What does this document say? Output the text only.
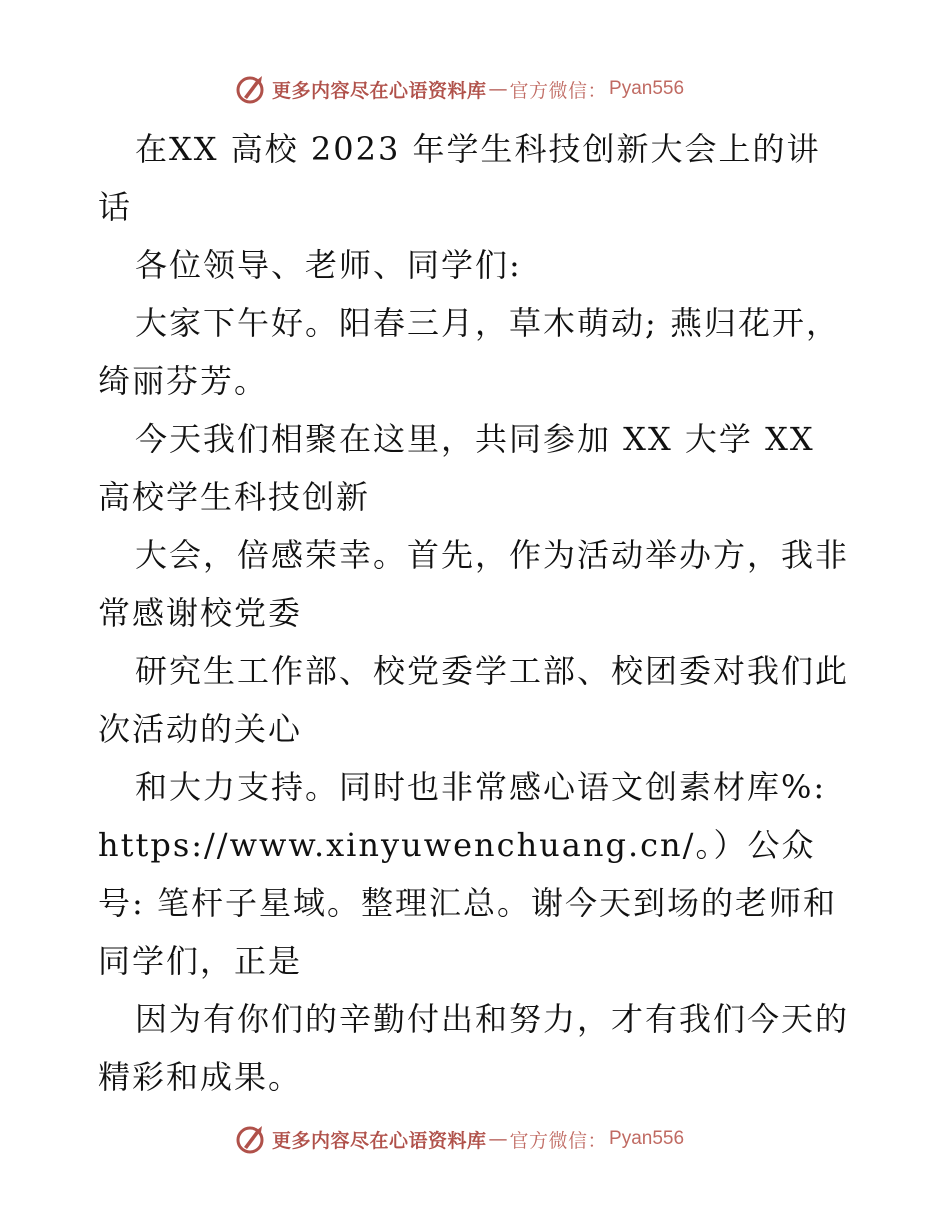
更多内容尽在心语资料库 — 官方微信： Pyan556

在XX 高校 2023 年学生科技创新大会上的讲话

各位领导、老师、同学们:

大家下午好。阳春三月，草木萌动; 燕归花开，绮丽芬芳。

今天我们相聚在这里，共同参加 XX 大学 XX 高校学生科技创新

大会，倍感荣幸。首先，作为活动举办方，我非常感谢校党委

研究生工作部、校党委学工部、校团委对我们此次活动的关心

和大力支持。同时也非常感心语文创素材库%: https://www.xinyuwenchuang.cn/。）公众号: 笔杆子星域。整理汇总。谢今天到场的老师和同学们，正是

因为有你们的辛勤付出和努力，才有我们今天的精彩和成果。

更多内容尽在心语资料库 — 官方微信： Pyan556
